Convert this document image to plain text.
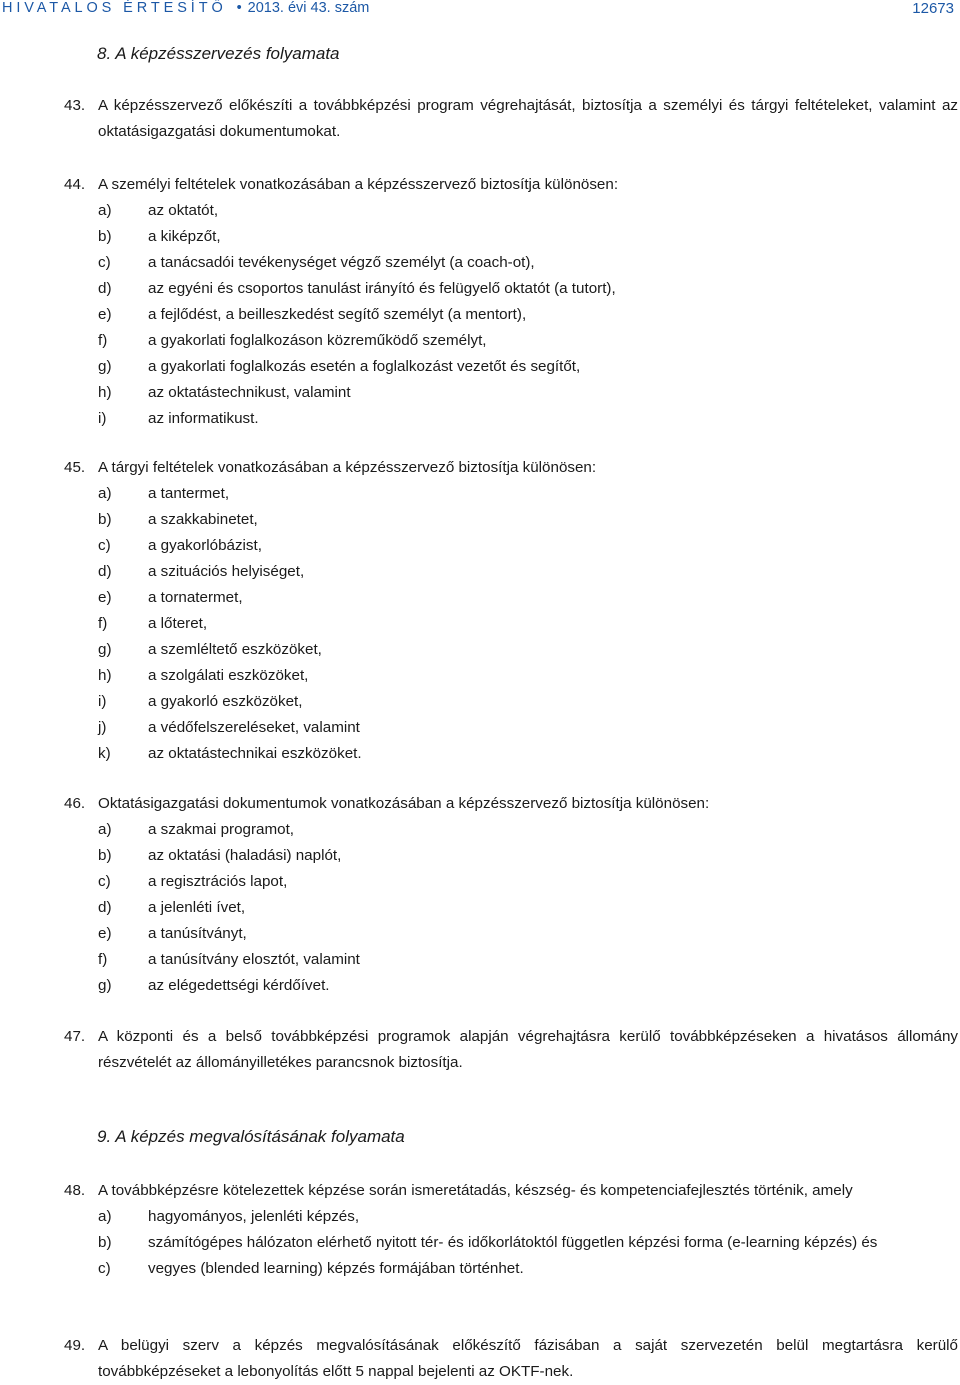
HIVATALOS ÉRTESÍTŐ • 2013. évi 43. szám	12673
8. A képzésszervezés folyamata
43. A képzésszervező előkészíti a továbbképzési program végrehajtását, biztosítja a személyi és tárgyi feltételeket, valamint az oktatásigazgatási dokumentumokat.
44. A személyi feltételek vonatkozásában a képzésszervező biztosítja különösen:
a) az oktatót,
b) a kiképzőt,
c) a tanácsadói tevékenységet végző személyt (a coach-ot),
d) az egyéni és csoportos tanulást irányító és felügyelő oktatót (a tutort),
e) a fejlődést, a beilleszkedést segítő személyt (a mentort),
f)	a gyakorlati foglalkozáson közreműködő személyt,
g) a gyakorlati foglalkozás esetén a foglalkozást vezetőt és segítőt,
h) az oktatástechnikust, valamint
i)	az informatikust.
45. A tárgyi feltételek vonatkozásában a képzésszervező biztosítja különösen:
a) a tantermet,
b) a szakkabinetet,
c) a gyakorlóbázist,
d) a szituációs helyiséget,
e) a tornatermet,
f)	a lőteret,
g) a szemléltető eszközöket,
h) a szolgálati eszközöket,
i)	a gyakorló eszközöket,
j)	a védőfelszereléseket, valamint
k) az oktatástechnikai eszközöket.
46. Oktatásigazgatási dokumentumok vonatkozásában a képzésszervező biztosítja különösen:
a) a szakmai programot,
b) az oktatási (haladási) naplót,
c) a regisztrációs lapot,
d) a jelenléti ívet,
e) a tanúsítványt,
f)	a tanúsítvány elosztót, valamint
g) az elégedettségi kérdőívet.
47. A központi és a belső továbbképzési programok alapján végrehajtásra kerülő továbbképzéseken a hivatásos állomány részvételét az állományilletékes parancsnok biztosítja.
9. A képzés megvalósításának folyamata
48. A továbbképzésre kötelezettek képzése során ismeretátadás, készség- és kompetenciafejlesztés történik, amely
a) hagyományos, jelenléti képzés,
b) számítógépes hálózaton elérhető nyitott tér- és időkorlátoktól független képzési forma (e-learning képzés) és
c) vegyes (blended learning) képzés formájában történhet.
49. A belügyi szerv a képzés megvalósításának előkészítő fázisában a saját szervezetén belül megtartásra kerülő továbbképzéseket a lebonyolítás előtt 5 nappal bejelenti az OKTF-nek.
